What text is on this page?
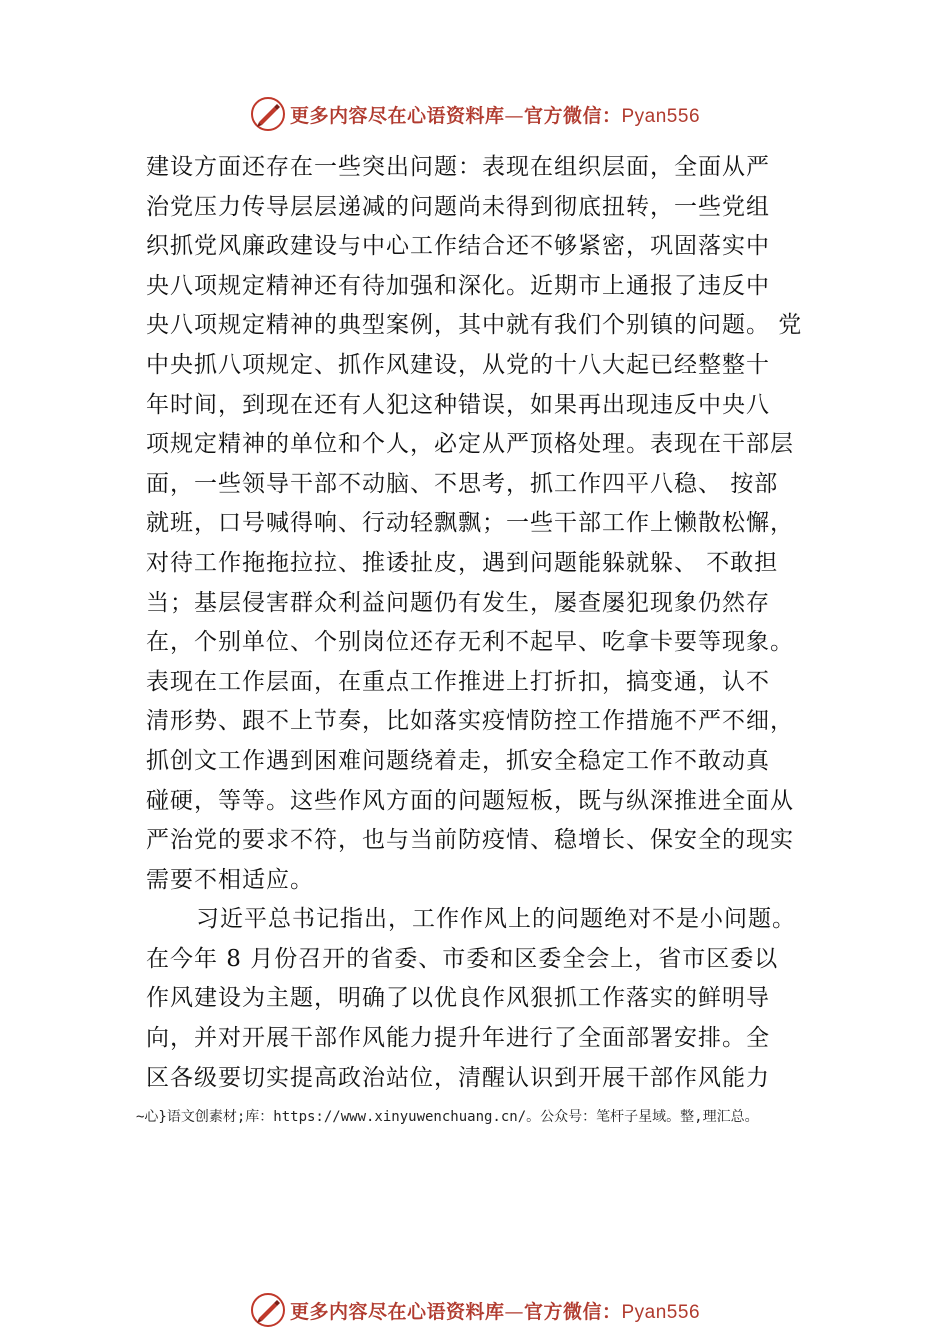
更多内容尽在心语资料库—官方微信：Pyan556
建设方面还存在一些突出问题：表现在组织层面，全面从严
治党压力传导层层递减的问题尚未得到彻底扭转，一些党组
织抓党风廉政建设与中心工作结合还不够紧密，巩固落实中
央八项规定精神还有待加强和深化。近期市上通报了违反中
央八项规定精神的典型案例，其中就有我们个别镇的问题。 党
中央抓八项规定、抓作风建设，从党的十八大起已经整整十
年时间，到现在还有人犯这种错误，如果再出现违反中央八
项规定精神的单位和个人，必定从严顶格处理。表现在干部层
面，一些领导干部不动脑、不思考，抓工作四平八稳、 按部
就班，口号喊得响、行动轻飘飘；一些干部工作上懒散松懈，
对待工作拖拖拉拉、推诿扯皮，遇到问题能躲就躲、 不敢担
当；基层侵害群众利益问题仍有发生，屡查屡犯现象仍然存
在，个别单位、个别岗位还存无利不起早、吃拿卡要等现象。
表现在工作层面，在重点工作推进上打折扣，搞变通，认不
清形势、跟不上节奏，比如落实疫情防控工作措施不严不细，
抓创文工作遇到困难问题绕着走，抓安全稳定工作不敢动真
碰硬，等等。这些作风方面的问题短板，既与纵深推进全面从
严治党的要求不符，也与当前防疫情、稳增长、保安全的现实
需要不相适应。
习近平总书记指出，工作作风上的问题绝对不是小问题。
在今年 8 月份召开的省委、市委和区委全会上，省市区委以
作风建设为主题，明确了以优良作风狠抓工作落实的鲜明导
向，并对开展干部作风能力提升年进行了全面部署安排。全
区各级要切实提高政治站位，清醒认识到开展干部作风能力
~心}语文创素材;库：https://www.xinyuwenchuang.cn/。公众号：笔杆子星域。整,理汇总。
更多内容尽在心语资料库—官方微信：Pyan556
